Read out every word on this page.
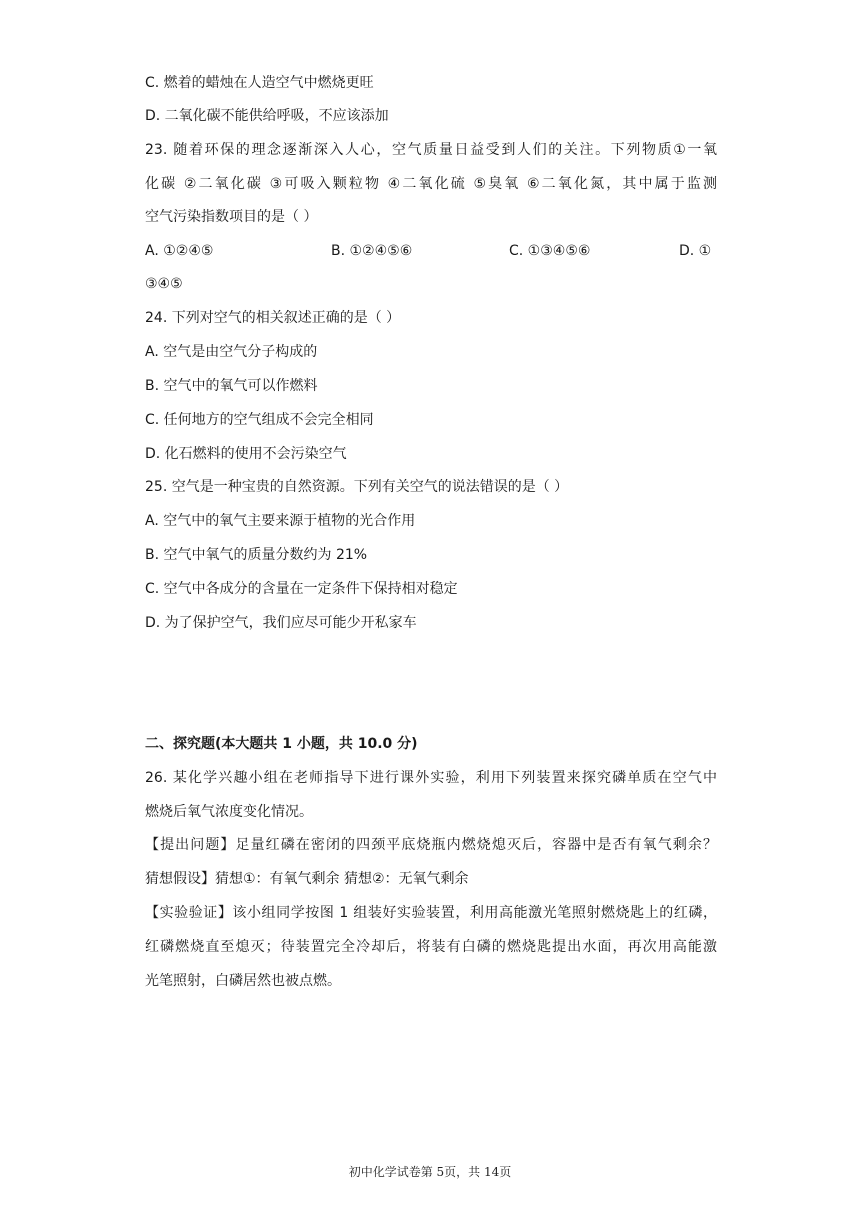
C. 燃着的蜡烛在人造空气中燃烧更旺
D. 二氧化碳不能供给呼吸，不应该添加
23. 随着环保的理念逐渐深入人心，空气质量日益受到人们的关注。下列物质①一氧
化碳 ②二氧化碳 ③可吸入颗粒物 ④二氧化硫 ⑤臭氧 ⑥二氧化氮，其中属于监测
空气污染指数项目的是（ ）
A. ①②④⑤	B. ①②④⑤⑥	C. ①③④⑤⑥	D. ①
③④⑤
24. 下列对空气的相关叙述正确的是（ ）
A. 空气是由空气分子构成的
B. 空气中的氧气可以作燃料
C. 任何地方的空气组成不会完全相同
D. 化石燃料的使用不会污染空气
25. 空气是一种宝贵的自然资源。下列有关空气的说法错误的是（ ）
A. 空气中的氧气主要来源于植物的光合作用
B. 空气中氧气的质量分数约为 21%
C. 空气中各成分的含量在一定条件下保持相对稳定
D. 为了保护空气，我们应尽可能少开私家车
二、探究题(本大题共 1 小题，共 10.0 分)
26. 某化学兴趣小组在老师指导下进行课外实验，利用下列装置来探究磷单质在空气中
燃烧后氧气浓度变化情况。
【提出问题】足量红磷在密闭的四颈平底烧瓶内燃烧熄灭后，容器中是否有氧气剩余？
猜想假设】猜想①：有氧气剩余 猜想②：无氧气剩余
【实验验证】该小组同学按图 1 组装好实验装置，利用高能激光笔照射燃烧匙上的红磷，
红磷燃烧直至熄灭；待装置完全冷却后，将装有白磷的燃烧匙提出水面，再次用高能激
光笔照射，白磷居然也被点燃。
初中化学试卷第 5页，共 14页
